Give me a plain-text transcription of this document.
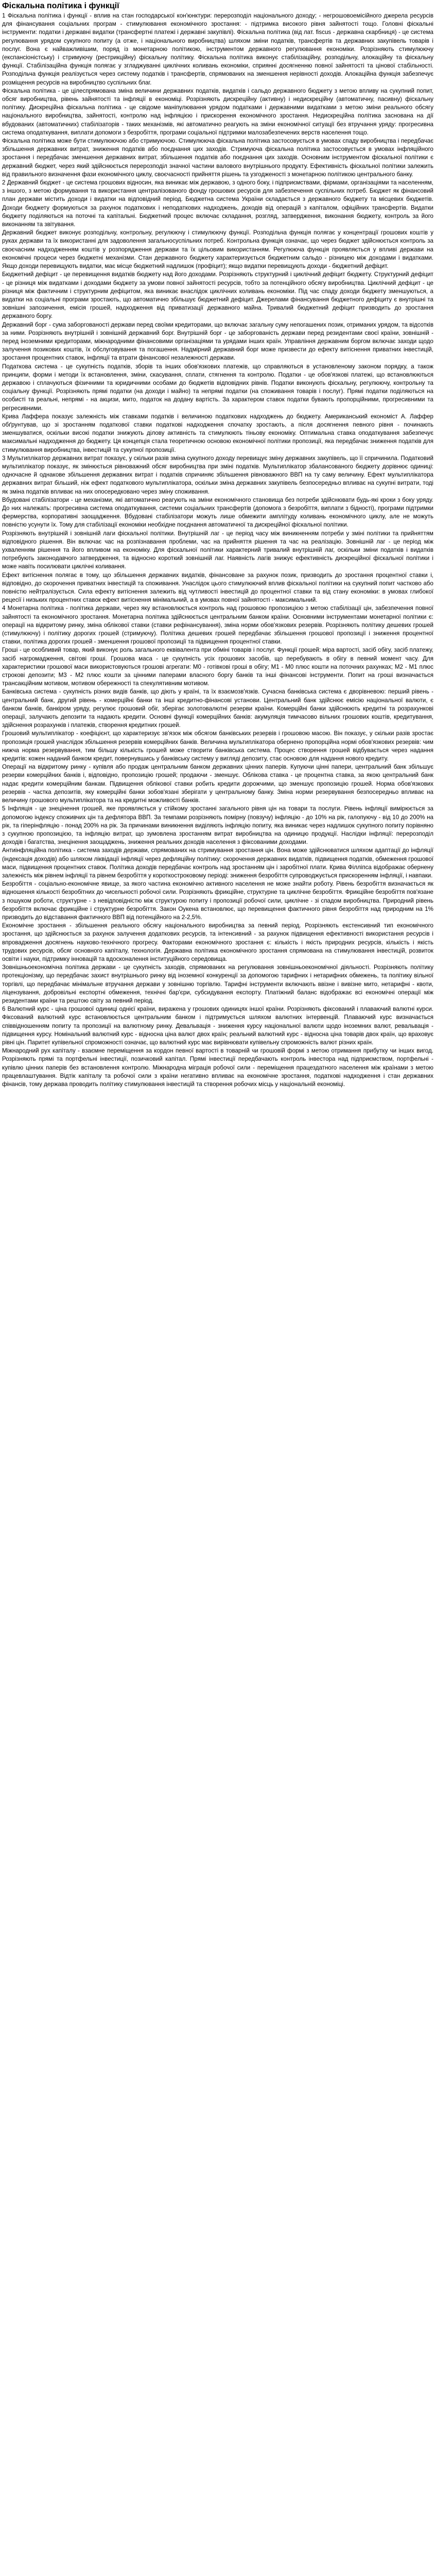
Фіскальна політика і функції

1 Фіскальна політика і функції - вплив на стан господарської кон'юнктури: перерозподіл національного доходу; - негрошовоемісійного джерела ресурсів для фінансування соціальних програм - стимулювання економічного зростання: - підтримка високого рівня зайнятості тощо. Головні фіскальні інструменти: податки і державні видатки (трансфертні платежі і державні закупівлі). Фіскальна політика (від лат. fiscus - державна скарбниця) - це система регулювання урядом сукупного попиту (а отже, і національного виробництва) шляхом зміни податків, трансфертів та державних закупівель товарів і послуг. Вона є найважливішим, поряд із монетарною політикою, інструментом державного регулювання економіки. Розрізняють стимулюючу (експансіоністську) і стримуючу (рестрикційну) фіскальну політику. Фіскальна політика виконує стабілізаційну, розподільчу, алокаційну та фіскальну функції. Стабілізаційна функція полягає у згладжуванні циклічних коливань економіки, сприянні досягненню повної зайнятості та цінової стабільності. Розподільча функція реалізується через систему податків і трансфертів, спрямованих на зменшення нерівності доходів. Алокаційна функція забезпечує розміщення ресурсів на виробництво суспільних благ.

Фіскальна політика - це цілеспрямована зміна величини державних податків, видатків і сальдо державного бюджету з метою впливу на сукупний попит, обсяг виробництва, рівень зайнятості та інфляції в економіці. Розрізняють дискреційну (активну) і недискреційну (автоматичну, пасивну) фіскальну політику. Дискреційна фіскальна політика - це свідоме маніпулювання урядом податками і державними видатками з метою зміни реального обсягу національного виробництва, зайнятості, контролю над інфляцією і прискорення економічного зростання. Недискреційна політика заснована на дії вбудованих (автоматичних) стабілізаторів - таких механізмів, які автоматично реагують на зміни економічної ситуації без втручання уряду: прогресивна система оподаткування, виплати допомоги з безробіття, програми соціальної підтримки малозабезпечених верств населення тощо.

Фіскальна політика може бути стимулюючою або стримуючою. Стимулююча фіскальна політика застосовується в умовах спаду виробництва і передбачає збільшення державних витрат, зниження податків або поєднання цих заходів. Стримуюча фіскальна політика застосовується в умовах інфляційного зростання і передбачає зменшення державних витрат, збільшення податків або поєднання цих заходів. Основним інструментом фіскальної політики є державний бюджет, через який здійснюється перерозподіл значної частини валового внутрішнього продукту. Ефективність фіскальної політики залежить від правильного визначення фази економічного циклу, своєчасності прийняття рішень та узгодженості з монетарною політикою центрального банку.

2 Державний бюджет - це система грошових відносин, яка виникає між державою, з одного боку, і підприємствами, фірмами, організаціями та населенням, з іншого, з метою формування та використання централізованого фонду грошових ресурсів для забезпечення суспільних потреб. Бюджет як фінансовий план держави містить доходи і видатки на відповідний період. Бюджетна система України складається з державного бюджету та місцевих бюджетів. Доходи бюджету формуються за рахунок податкових і неподаткових надходжень, доходів від операцій з капіталом, офіційних трансфертів. Видатки бюджету поділяються на поточні та капітальні. Бюджетний процес включає складання, розгляд, затвердження, виконання бюджету, контроль за його виконанням та звітування.

Державний бюджет виконує розподільчу, контрольну, регулюючу і стимулюючу функції. Розподільча функція полягає у концентрації грошових коштів у руках держави та їх використанні для задоволення загальносуспільних потреб. Контрольна функція означає, що через бюджет здійснюється контроль за своєчасним надходженням коштів у розпорядження держави та їх цільовим використанням. Регулююча функція проявляється у впливі держави на економічні процеси через бюджетні механізми. Стан державного бюджету характеризується бюджетним сальдо - різницею між доходами і видатками. Якщо доходи перевищують видатки, має місце бюджетний надлишок (профіцит); якщо видатки перевищують доходи - бюджетний дефіцит.

Бюджетний дефіцит - це перевищення видатків бюджету над його доходами. Розрізняють структурний і циклічний дефіцит бюджету. Структурний дефіцит - це різниця між видатками і доходами бюджету за умови повної зайнятості ресурсів, тобто за потенційного обсягу виробництва. Циклічний дефіцит - це різниця між фактичним і структурним дефіцитом, яка виникає внаслідок циклічних коливань економіки. Під час спаду доходи бюджету зменшуються, а видатки на соціальні програми зростають, що автоматично збільшує бюджетний дефіцит. Джерелами фінансування бюджетного дефіциту є внутрішні та зовнішні запозичення, емісія грошей, надходження від приватизації державного майна. Тривалий бюджетний дефіцит призводить до зростання державного боргу.

Державний борг - сума заборгованості держави перед своїми кредиторами, що включає загальну суму непогашених позик, отриманих урядом, та відсотків за ними. Розрізняють внутрішній і зовнішній державний борг. Внутрішній борг - це заборгованість держави перед резидентами своєї країни, зовнішній - перед іноземними кредиторами, міжнародними фінансовими організаціями та урядами інших країн. Управління державним боргом включає заходи щодо залучення позикових коштів, їх обслуговування та погашення. Надмірний державний борг може призвести до ефекту витіснення приватних інвестицій, зростання процентних ставок, інфляції та втрати фінансової незалежності держави.

Податкова система - це сукупність податків, зборів та інших обов'язкових платежів, що справляються в установленому законом порядку, а також принципи, форми і методи їх встановлення, зміни, скасування, сплати, стягнення та контролю. Податки - це обов'язкові платежі, що встановлюються державою і сплачуються фізичними та юридичними особами до бюджетів відповідних рівнів. Податки виконують фіскальну, регулюючу, контрольну та соціальну функції. Розрізняють прямі податки (на доходи і майно) та непрямі податки (на споживання товарів і послуг). Прямі податки поділяються на особисті та реальні, непрямі - на акцизи, мито, податок на додану вартість. За характером ставок податки бувають пропорційними, прогресивними та регресивними.

Крива Лаффера показує залежність між ставками податків і величиною податкових надходжень до бюджету. Американський економіст А. Лаффер обґрунтував, що зі зростанням податкової ставки податкові надходження спочатку зростають, а після досягнення певного рівня - починають зменшуватися, оскільки високі податки знижують ділову активність та стимулюють тіньову економіку. Оптимальна ставка оподаткування забезпечує максимальні надходження до бюджету. Ця концепція стала теоретичною основою економічної політики пропозиції, яка передбачає зниження податків для стимулювання виробництва, інвестицій та сукупної пропозиції.

3 Мультиплікатор державних витрат показує, у скільки разів зміна сукупного доходу перевищує зміну державних закупівель, що її спричинила. Податковий мультиплікатор показує, як змінюється рівноважний обсяг виробництва при зміні податків. Мультиплікатор збалансованого бюджету дорівнює одиниці: одночасне й однакове збільшення державних витрат і податків спричиняє збільшення рівноважного ВВП на ту саму величину. Ефект мультиплікатора державних витрат більший, ніж ефект податкового мультиплікатора, оскільки зміна державних закупівель безпосередньо впливає на сукупні витрати, тоді як зміна податків впливає на них опосередковано через зміну споживання.

Вбудовані стабілізатори - це механізми, які автоматично реагують на зміни економічного становища без потреби здійснювати будь-які кроки з боку уряду. До них належать: прогресивна система оподаткування, системи соціальних трансфертів (допомога з безробіття, виплати з бідності), програми підтримки фермерства, корпоративні заощадження. Вбудовані стабілізатори можуть лише обмежити амплітуду коливань економічного циклу, але не можуть повністю усунути їх. Тому для стабілізації економіки необхідне поєднання автоматичної та дискреційної фіскальної політики.

Розрізняють внутрішній і зовнішній лаги фіскальної політики. Внутрішній лаг - це період часу між виникненням потреби у зміні політики та прийняттям відповідного рішення. Він включає час на розпізнавання проблеми, час на прийняття рішення та час на реалізацію. Зовнішній лаг - це період між ухваленням рішення та його впливом на економіку. Для фіскальної політики характерний тривалий внутрішній лаг, оскільки зміни податків і видатків потребують законодавчого затвердження, та відносно короткий зовнішній лаг. Наявність лагів знижує ефективність дискреційної фіскальної політики і може навіть посилювати циклічні коливання.

Ефект витіснення полягає в тому, що збільшення державних видатків, фінансоване за рахунок позик, призводить до зростання процентної ставки і, відповідно, до скорочення приватних інвестицій та споживання. Унаслідок цього стимулюючий вплив фіскальної політики на сукупний попит частково або повністю нейтралізується. Сила ефекту витіснення залежить від чутливості інвестицій до процентної ставки та від стану економіки: в умовах глибокої рецесії і низьких процентних ставок ефект витіснення мінімальний, а в умовах повної зайнятості - максимальний.

4 Монетарна політика - політика держави, через яку встановлюється контроль над грошовою пропозицією з метою стабілізації цін, забезпечення повної зайнятості та економічного зростання. Монетарна політика здійснюється центральним банком країни. Основними інструментами монетарної політики є: операції на відкритому ринку, зміна облікової ставки (ставки рефінансування), зміна норми обов'язкових резервів. Розрізняють політику дешевих грошей (стимулюючу) і політику дорогих грошей (стримуючу). Політика дешевих грошей передбачає збільшення грошової пропозиції і зниження процентної ставки, політика дорогих грошей - зменшення грошової пропозиції та підвищення процентної ставки.

Гроші - це особливий товар, який виконує роль загального еквівалента при обміні товарів і послуг. Функції грошей: міра вартості, засіб обігу, засіб платежу, засіб нагромадження, світові гроші. Грошова маса - це сукупність усіх грошових засобів, що перебувають в обігу в певний момент часу. Для характеристики грошової маси використовуються грошові агрегати: М0 - готівкові гроші в обігу; М1 - М0 плюс кошти на поточних рахунках; М2 - М1 плюс строкові депозити; М3 - М2 плюс кошти за цінними паперами власного боргу банків та інші фінансові інструменти. Попит на гроші визначається трансакційним мотивом, мотивом обережності та спекулятивним мотивом.

Банківська система - сукупність різних видів банків, що діють у країні, та їх взаємозв'язків. Сучасна банківська система є дворівневою: перший рівень - центральний банк, другий рівень - комерційні банки та інші кредитно-фінансові установи. Центральний банк здійснює емісію національної валюти, є банком банків, банкіром уряду, регулює грошовий обіг, зберігає золотовалютні резерви країни. Комерційні банки здійснюють кредитні та розрахункові операції, залучають депозити та надають кредити. Основні функції комерційних банків: акумуляція тимчасово вільних грошових коштів, кредитування, здійснення розрахунків і платежів, створення кредитних грошей.

Грошовий мультиплікатор - коефіцієнт, що характеризує зв'язок між обсягом банківських резервів і грошовою масою. Він показує, у скільки разів зростає пропозиція грошей унаслідок збільшення резервів комерційних банків. Величина мультиплікатора обернено пропорційна нормі обов'язкових резервів: чим нижча норма резервування, тим більшу кількість грошей може створити банківська система. Процес створення грошей відбувається через надання кредитів: кожен наданий банком кредит, повернувшись у банківську систему у вигляді депозиту, стає основою для надання нового кредиту.

Операції на відкритому ринку - купівля або продаж центральним банком державних цінних паперів. Купуючи цінні папери, центральний банк збільшує резерви комерційних банків і, відповідно, пропозицію грошей; продаючи - зменшує. Облікова ставка - це процентна ставка, за якою центральний банк надає кредити комерційним банкам. Підвищення облікової ставки робить кредити дорожчими, що зменшує пропозицію грошей. Норма обов'язкових резервів - частка депозитів, яку комерційні банки зобов'язані зберігати у центральному банку. Зміна норми резервування безпосередньо впливає на величину грошового мультиплікатора та на кредитні можливості банків.

5 Інфляція - це знецінення грошей, яке проявляється у стійкому зростанні загального рівня цін на товари та послуги. Рівень інфляції вимірюється за допомогою індексу споживчих цін та дефлятора ВВП. За темпами розрізняють помірну (повзучу) інфляцію - до 10% на рік, галопуючу - від 10 до 200% на рік, та гіперінфляцію - понад 200% на рік. За причинами виникнення виділяють інфляцію попиту, яка виникає через надлишок сукупного попиту порівняно з сукупною пропозицією, та інфляцію витрат, що зумовлена зростанням витрат виробництва на одиницю продукції. Наслідки інфляції: перерозподіл доходів і багатства, знецінення заощаджень, зниження реальних доходів населення з фіксованими доходами.

Антиінфляційна політика - система заходів держави, спрямованих на стримування зростання цін. Вона може здійснюватися шляхом адаптації до інфляції (індексація доходів) або шляхом ліквідації інфляції через дефляційну політику: скорочення державних видатків, підвищення податків, обмеження грошової маси, підвищення процентних ставок. Політика доходів передбачає контроль над зростанням цін і заробітної плати. Крива Філліпса відображає обернену залежність між рівнем інфляції та рівнем безробіття у короткостроковому періоді: зниження безробіття супроводжується прискоренням інфляції, і навпаки.

Безробіття - соціально-економічне явище, за якого частина економічно активного населення не може знайти роботу. Рівень безробіття визначається як відношення кількості безробітних до чисельності робочої сили. Розрізняють фрикційне, структурне та циклічне безробіття. Фрикційне безробіття пов'язане з пошуком роботи, структурне - з невідповідністю між структурою попиту і пропозиції робочої сили, циклічне - зі спадом виробництва. Природний рівень безробіття включає фрикційне і структурне безробіття. Закон Оукена встановлює, що перевищення фактичного рівня безробіття над природним на 1% призводить до відставання фактичного ВВП від потенційного на 2-2,5%.

Економічне зростання - збільшення реального обсягу національного виробництва за певний період. Розрізняють екстенсивний тип економічного зростання, що здійснюється за рахунок залучення додаткових ресурсів, та інтенсивний - за рахунок підвищення ефективності використання ресурсів і впровадження досягнень науково-технічного прогресу. Факторами економічного зростання є: кількість і якість природних ресурсів, кількість і якість трудових ресурсів, обсяг основного капіталу, технологія. Державна політика економічного зростання спрямована на стимулювання інвестицій, розвиток освіти і науки, підтримку інновацій та вдосконалення інституційного середовища.

Зовнішньоекономічна політика держави - це сукупність заходів, спрямованих на регулювання зовнішньоекономічної діяльності. Розрізняють політику протекціонізму, що передбачає захист внутрішнього ринку від іноземної конкуренції за допомогою тарифних і нетарифних обмежень, та політику вільної торгівлі, що передбачає мінімальне втручання держави у зовнішню торгівлю. Тарифні інструменти включають ввізне і вивізне мито, нетарифні - квоти, ліцензування, добровільні експортні обмеження, технічні бар'єри, субсидування експорту. Платіжний баланс відображає всі економічні операції між резидентами країни та рештою світу за певний період.

6 Валютний курс - ціна грошової одиниці однієї країни, виражена у грошових одиницях іншої країни. Розрізняють фіксований і плаваючий валютні курси. Фіксований валютний курс встановлюється центральним банком і підтримується шляхом валютних інтервенцій. Плаваючий курс визначається співвідношенням попиту та пропозиції на валютному ринку. Девальвація - зниження курсу національної валюти щодо іноземних валют, ревальвація - підвищення курсу. Номінальний валютний курс - відносна ціна валют двох країн; реальний валютний курс - відносна ціна товарів двох країн, що враховує рівні цін. Паритет купівельної спроможності означає, що валютний курс має вирівнювати купівельну спроможність валют різних країн.

Міжнародний рух капіталу - взаємне переміщення за кордон певної вартості в товарній чи грошовій формі з метою отримання прибутку чи інших вигод. Розрізняють прямі та портфельні інвестиції, позичковий капітал. Прямі інвестиції передбачають контроль інвестора над підприємством, портфельні - купівлю цінних паперів без встановлення контролю. Міжнародна міграція робочої сили - переміщення працездатного населення між країнами з метою працевлаштування. Відтік капіталу та робочої сили з країни негативно впливає на економічне зростання, податкові надходження і стан державних фінансів, тому держава проводить політику стимулювання інвестицій та створення робочих місць у національній економіці.
